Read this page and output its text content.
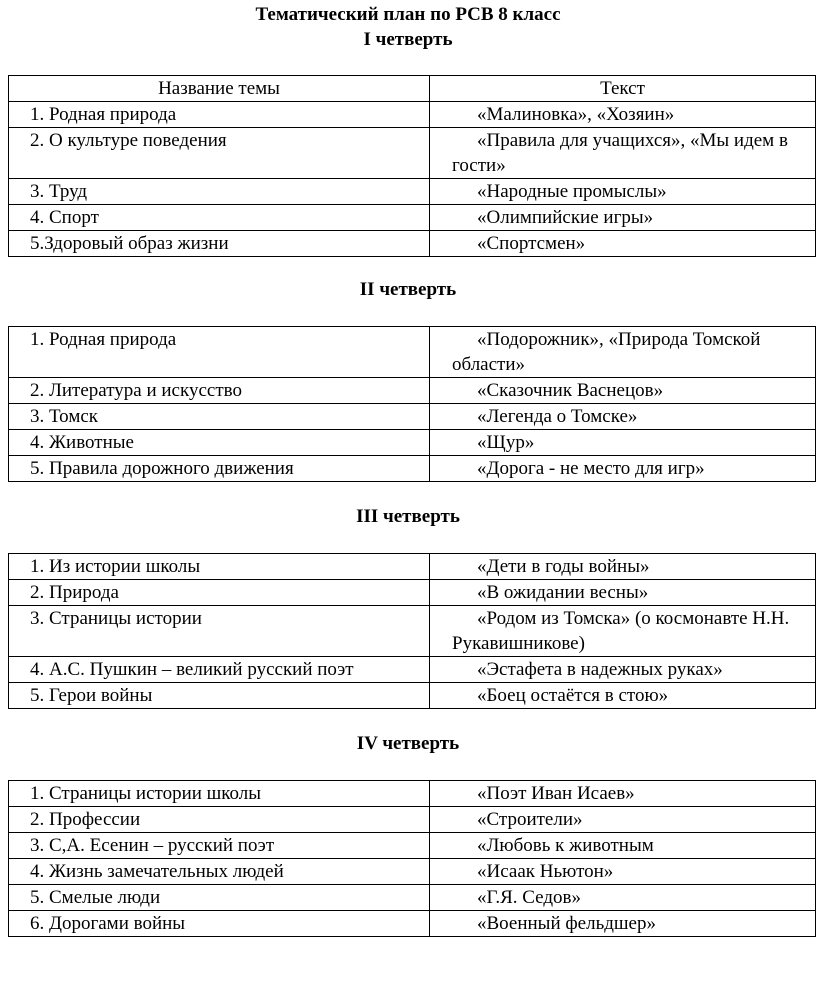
Тематический план по РСВ 8 класс
I четверть
Название темы	Текст
1. Родная природа	«Малиновка», «Хозяин»
2. О культуре поведения	«Правила для учащихся», «Мы идем в гости»
3. Труд	«Народные промыслы»
4. Спорт	«Олимпийские игры»
5.Здоровый образ жизни	«Спортсмен»
II четверть
1. Родная природа	«Подорожник», «Природа Томской области»
2. Литература и искусство	«Сказочник Васнецов»
3. Томск	«Легенда о Томске»
4. Животные	«Щур»
5. Правила дорожного движения	«Дорога - не место для игр»
III четверть
1. Из истории школы	«Дети в годы войны»
2. Природа	«В ожидании весны»
3. Страницы истории	«Родом из Томска» (о космонавте Н.Н. Рукавишникове)
4. А.С. Пушкин – великий русский поэт	«Эстафета в надежных руках»
5. Герои войны	«Боец остаётся в стою»
IV четверть
1. Страницы истории школы	«Поэт Иван Исаев»
2. Профессии	«Строители»
3. С,А. Есенин – русский поэт	«Любовь к животным
4. Жизнь замечательных людей	«Исаак Ньютон»
5. Смелые люди	«Г.Я. Седов»
6. Дорогами войны	«Военный фельдшер»
